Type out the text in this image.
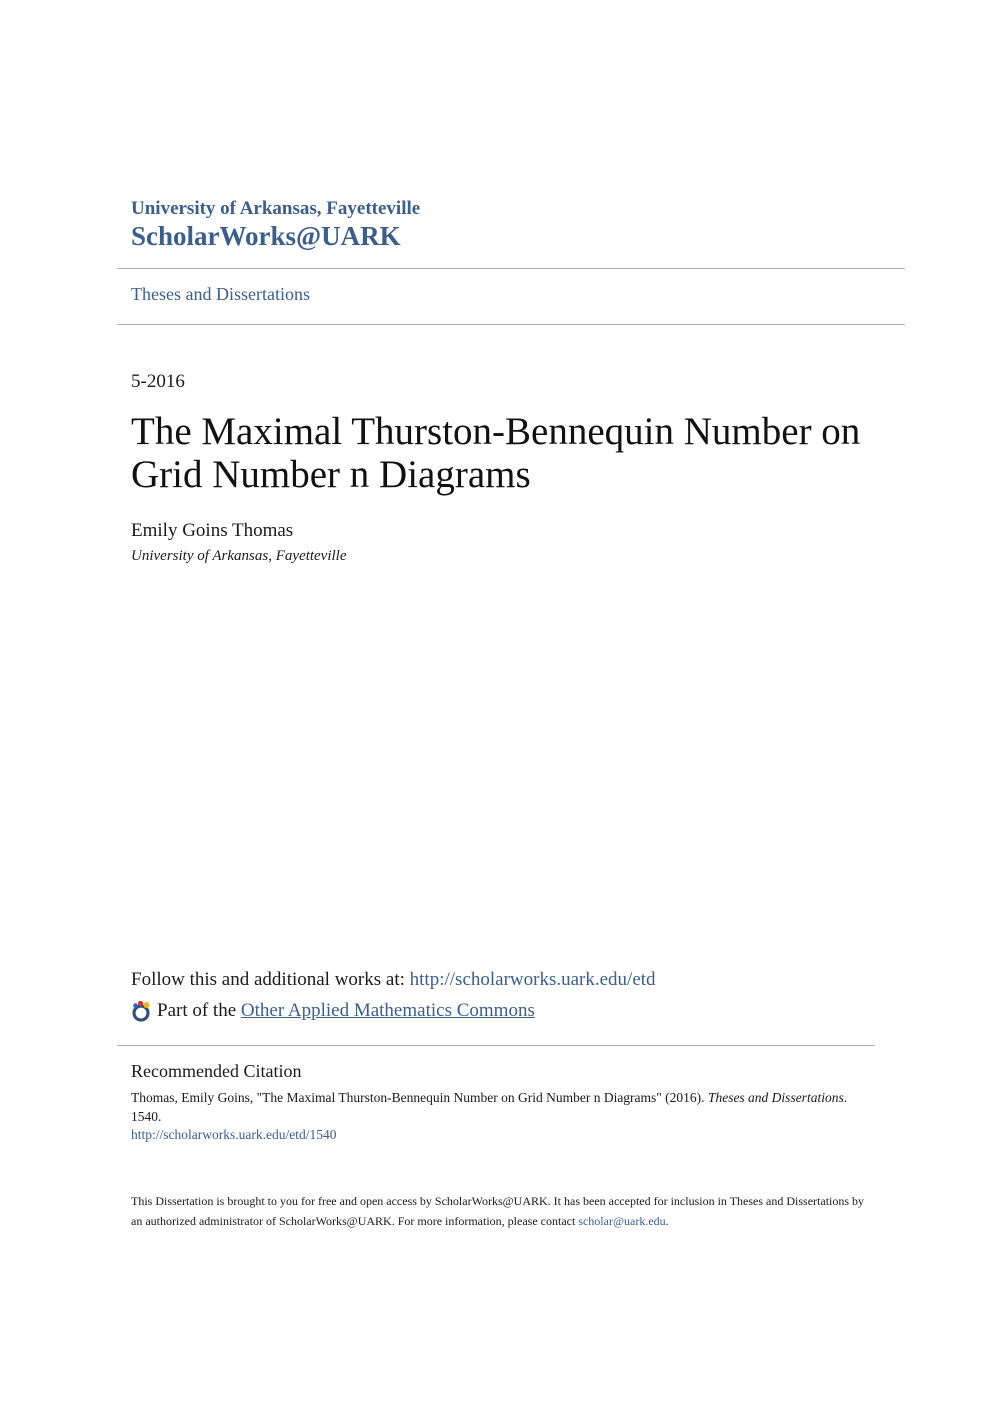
University of Arkansas, Fayetteville
ScholarWorks@UARK
Theses and Dissertations
5-2016
The Maximal Thurston-Bennequin Number on Grid Number n Diagrams
Emily Goins Thomas
University of Arkansas, Fayetteville
Follow this and additional works at: http://scholarworks.uark.edu/etd
Part of the
Other Applied Mathematics Commons
Recommended Citation
Thomas, Emily Goins, "The Maximal Thurston-Bennequin Number on Grid Number n Diagrams" (2016). Theses and Dissertations. 1540.
http://scholarworks.uark.edu/etd/1540
This Dissertation is brought to you for free and open access by ScholarWorks@UARK. It has been accepted for inclusion in Theses and Dissertations by an authorized administrator of ScholarWorks@UARK. For more information, please contact scholar@uark.edu.
